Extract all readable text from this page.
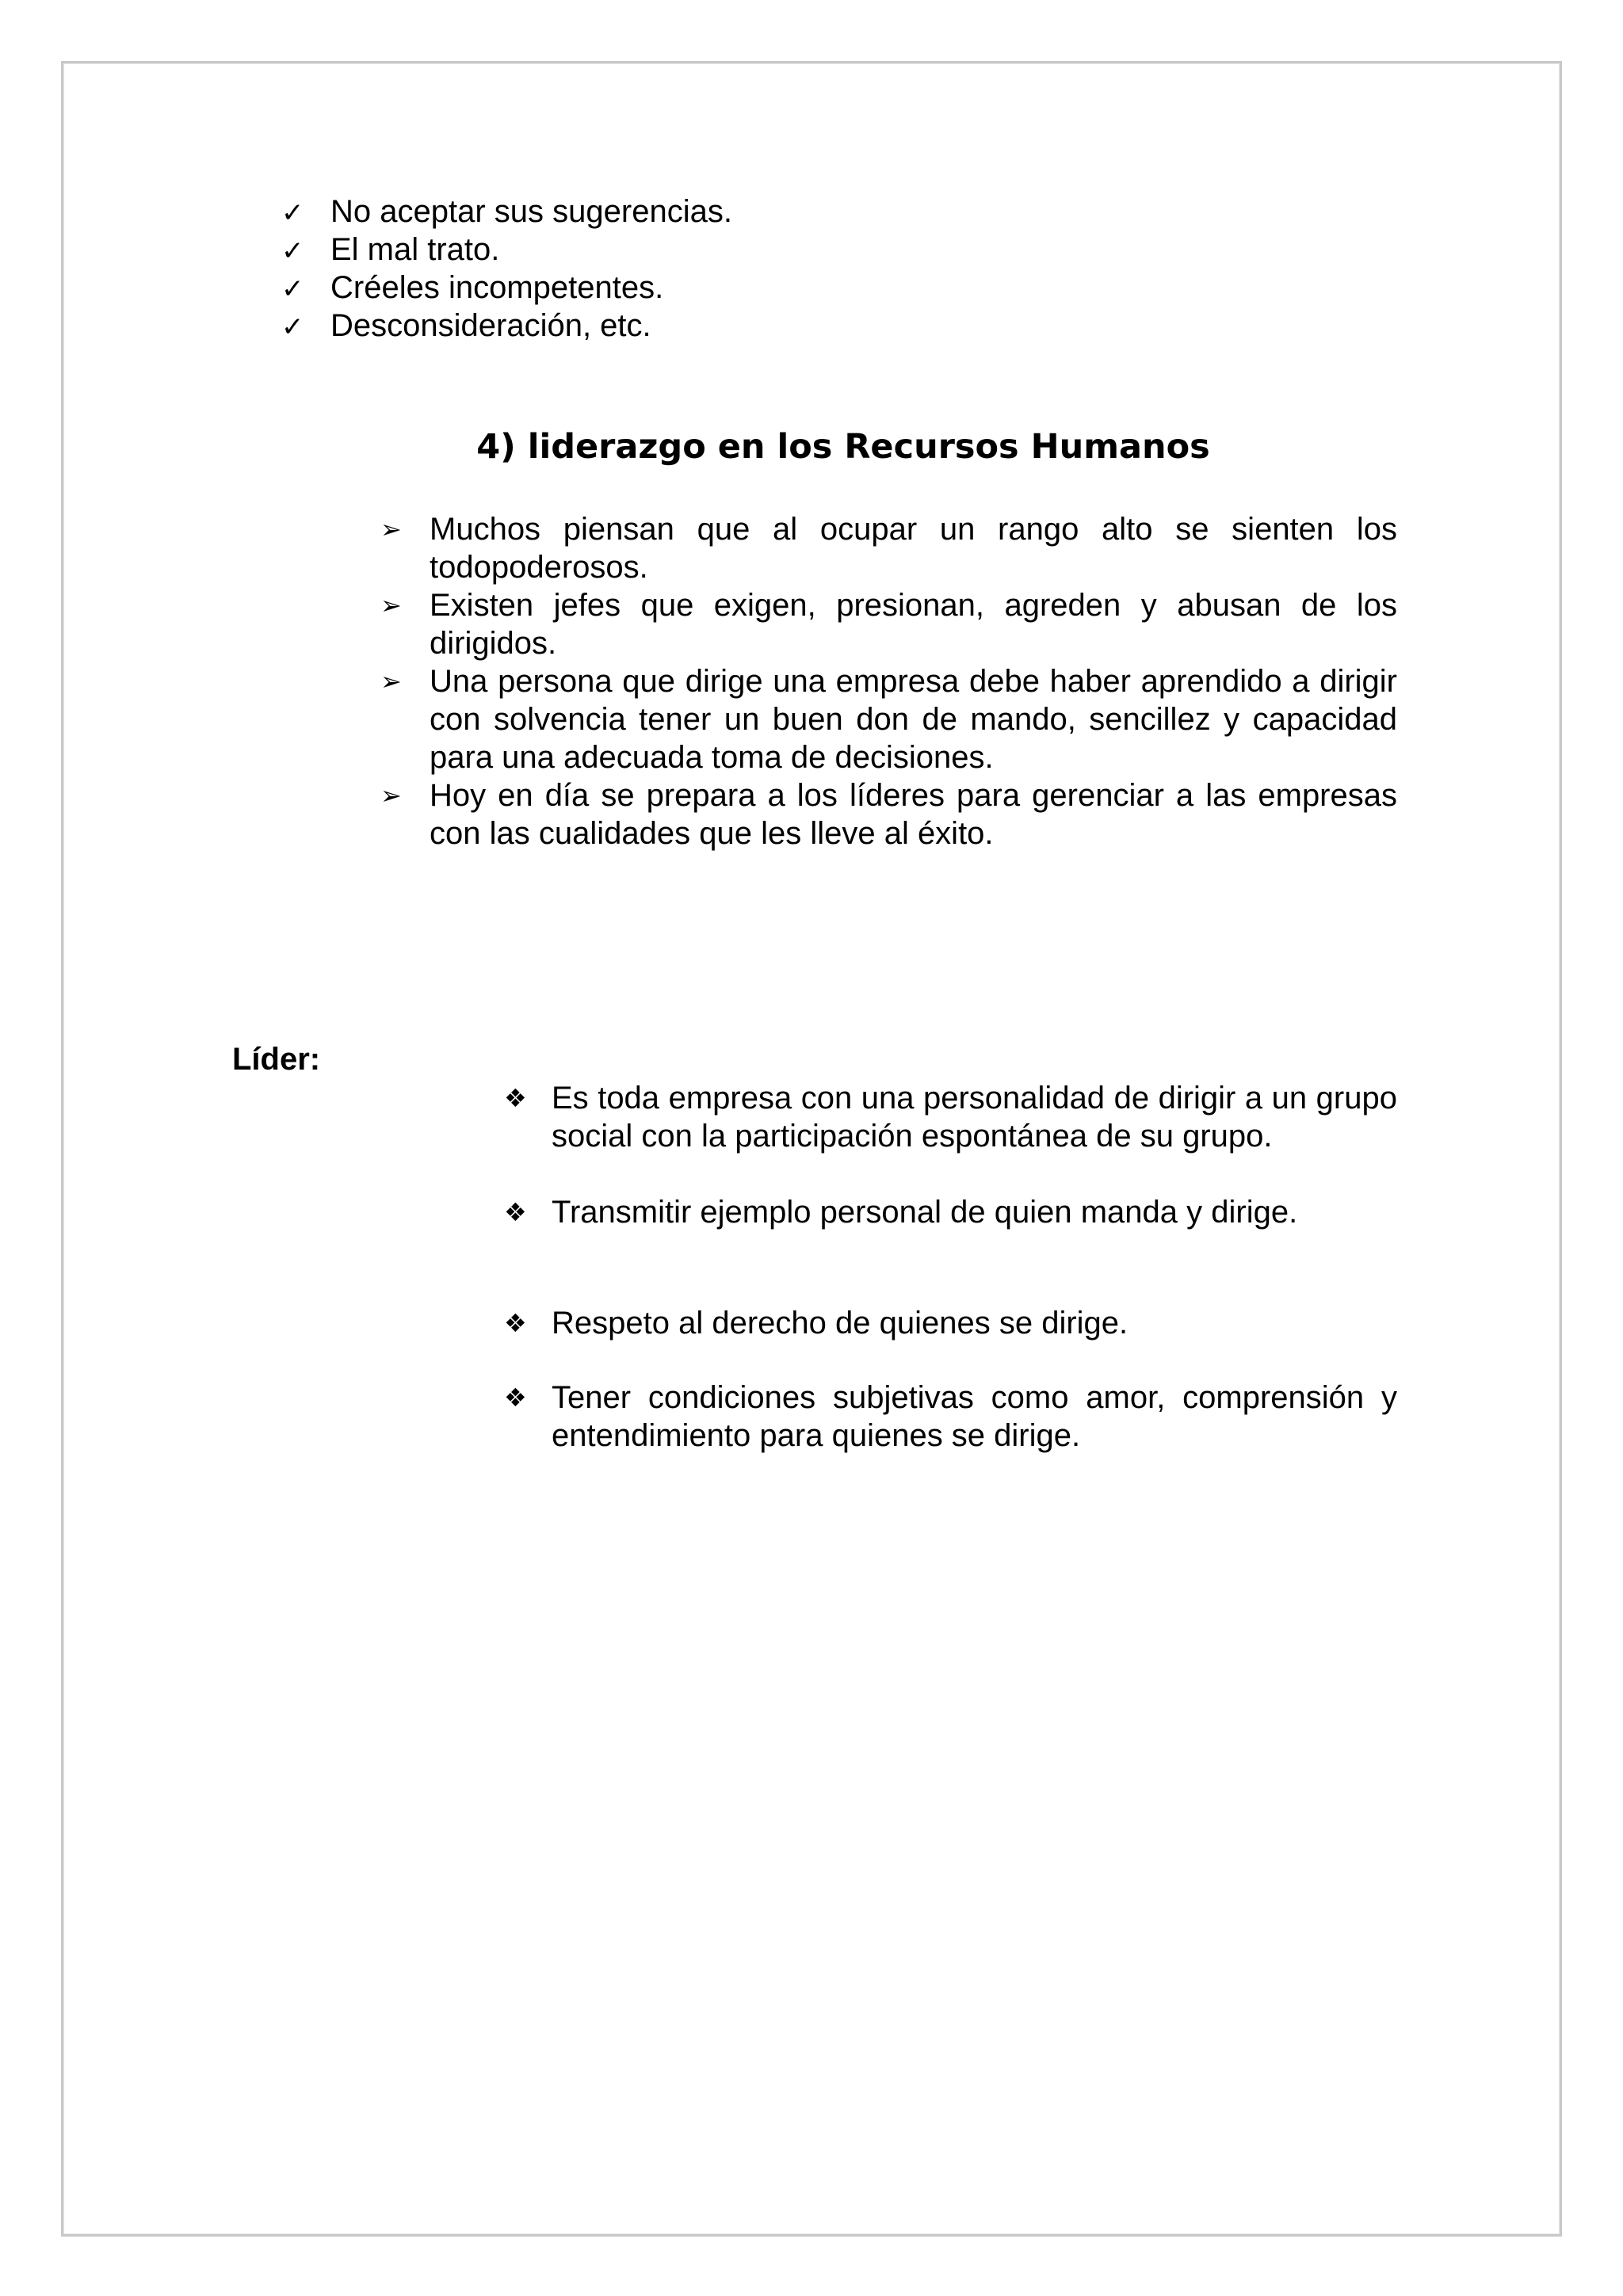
✓ No aceptar sus sugerencias.
✓ El mal trato.
✓ Créeles incompetentes.
✓ Desconsideración, etc.
4) liderazgo en los Recursos Humanos
➢ Muchos piensan que al ocupar un rango alto se sienten los todopoderosos.
➢ Existen jefes que exigen, presionan, agreden y abusan de los dirigidos.
➢ Una persona que dirige una empresa debe haber aprendido a dirigir con solvencia tener un buen don de mando, sencillez y capacidad para una adecuada toma de decisiones.
➢ Hoy en día se prepara a los líderes para gerenciar a las empresas con las cualidades que les lleve al éxito.

Líder:

❖ Es toda empresa con una personalidad de dirigir a un grupo social con la participación espontánea de su grupo.
❖ Transmitir ejemplo personal de quien manda y dirige.
❖ Respeto al derecho de quienes se dirige.
❖ Tener condiciones subjetivas como amor, comprensión y entendimiento para quienes se dirige.
